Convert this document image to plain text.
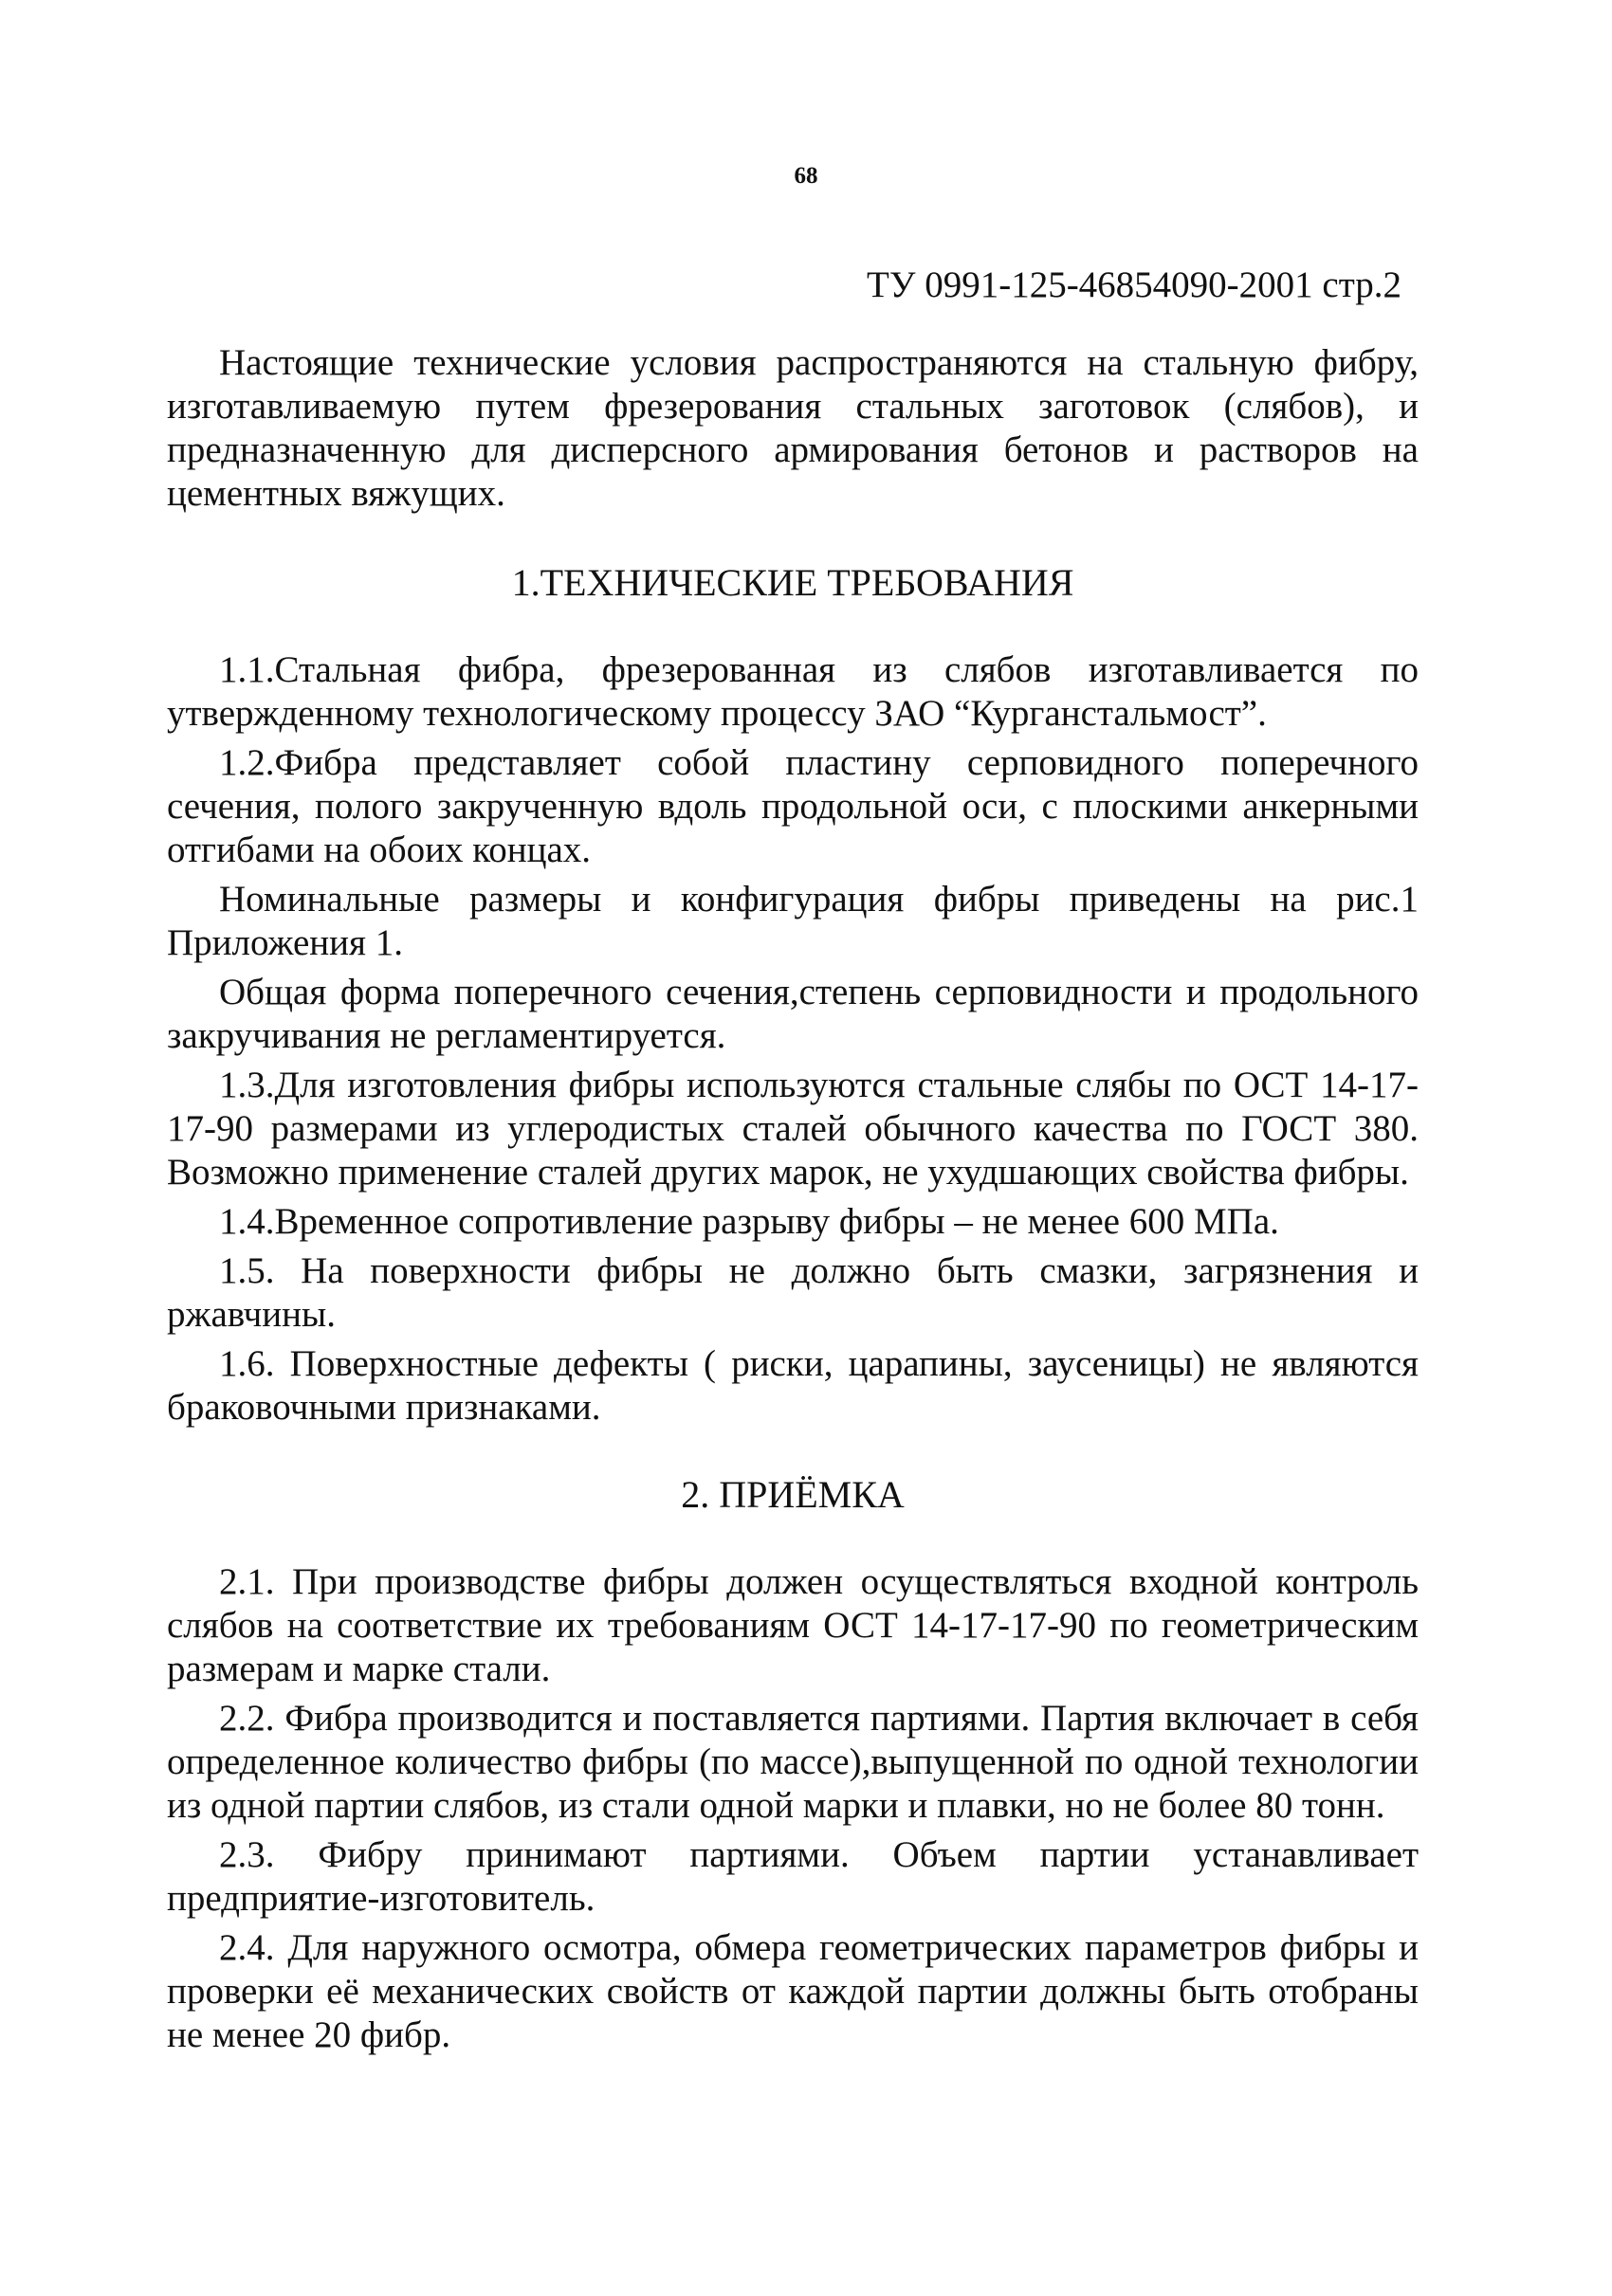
68
ТУ 0991-125-46854090-2001 стр.2

Настоящие технические условия распространяются на стальную фибру, изготавливаемую путем фрезерования стальных заготовок (слябов), и предназначенную для дисперсного армирования бетонов и растворов на цементных вяжущих.

1.ТЕХНИЧЕСКИЕ ТРЕБОВАНИЯ

1.1.Стальная фибра, фрезерованная из слябов изготавливается по утвержденному технологическому процессу ЗАО “Курганстальмост”.

1.2.Фибра представляет собой пластину серповидного поперечного сечения, полого закрученную вдоль продольной оси, с плоскими анкерными отгибами на обоих концах.

Номинальные размеры и конфигурация фибры приведены на рис.1 Приложения 1.

Общая форма поперечного сечения,степень серповидности и продольного закручивания не регламентируется.

1.3.Для изготовления фибры используются стальные слябы по ОСТ 14-17-17-90 размерами из углеродистых сталей обычного качества по ГОСТ 380. Возможно применение сталей других марок, не ухудшающих свойства фибры.

1.4.Временное сопротивление разрыву фибры – не менее 600 МПа.

1.5. На поверхности фибры не должно быть смазки, загрязнения и ржавчины.

1.6. Поверхностные дефекты ( риски, царапины, заусеницы) не являются браковочными признаками.

2. ПРИЁМКА

2.1. При производстве фибры должен осуществляться входной контроль слябов на соответствие их требованиям ОСТ 14-17-17-90 по геометрическим размерам и марке стали.

2.2. Фибра производится и поставляется партиями. Партия включает в себя определенное количество фибры (по массе),выпущенной по одной технологии из одной партии слябов, из стали одной марки и плавки, но не более 80 тонн.

2.3. Фибру принимают партиями. Объем партии устанавливает предприятие-изготовитель.

2.4. Для наружного осмотра, обмера геометрических параметров фибры и проверки её механических свойств от каждой партии должны быть отобраны не менее 20 фибр.
